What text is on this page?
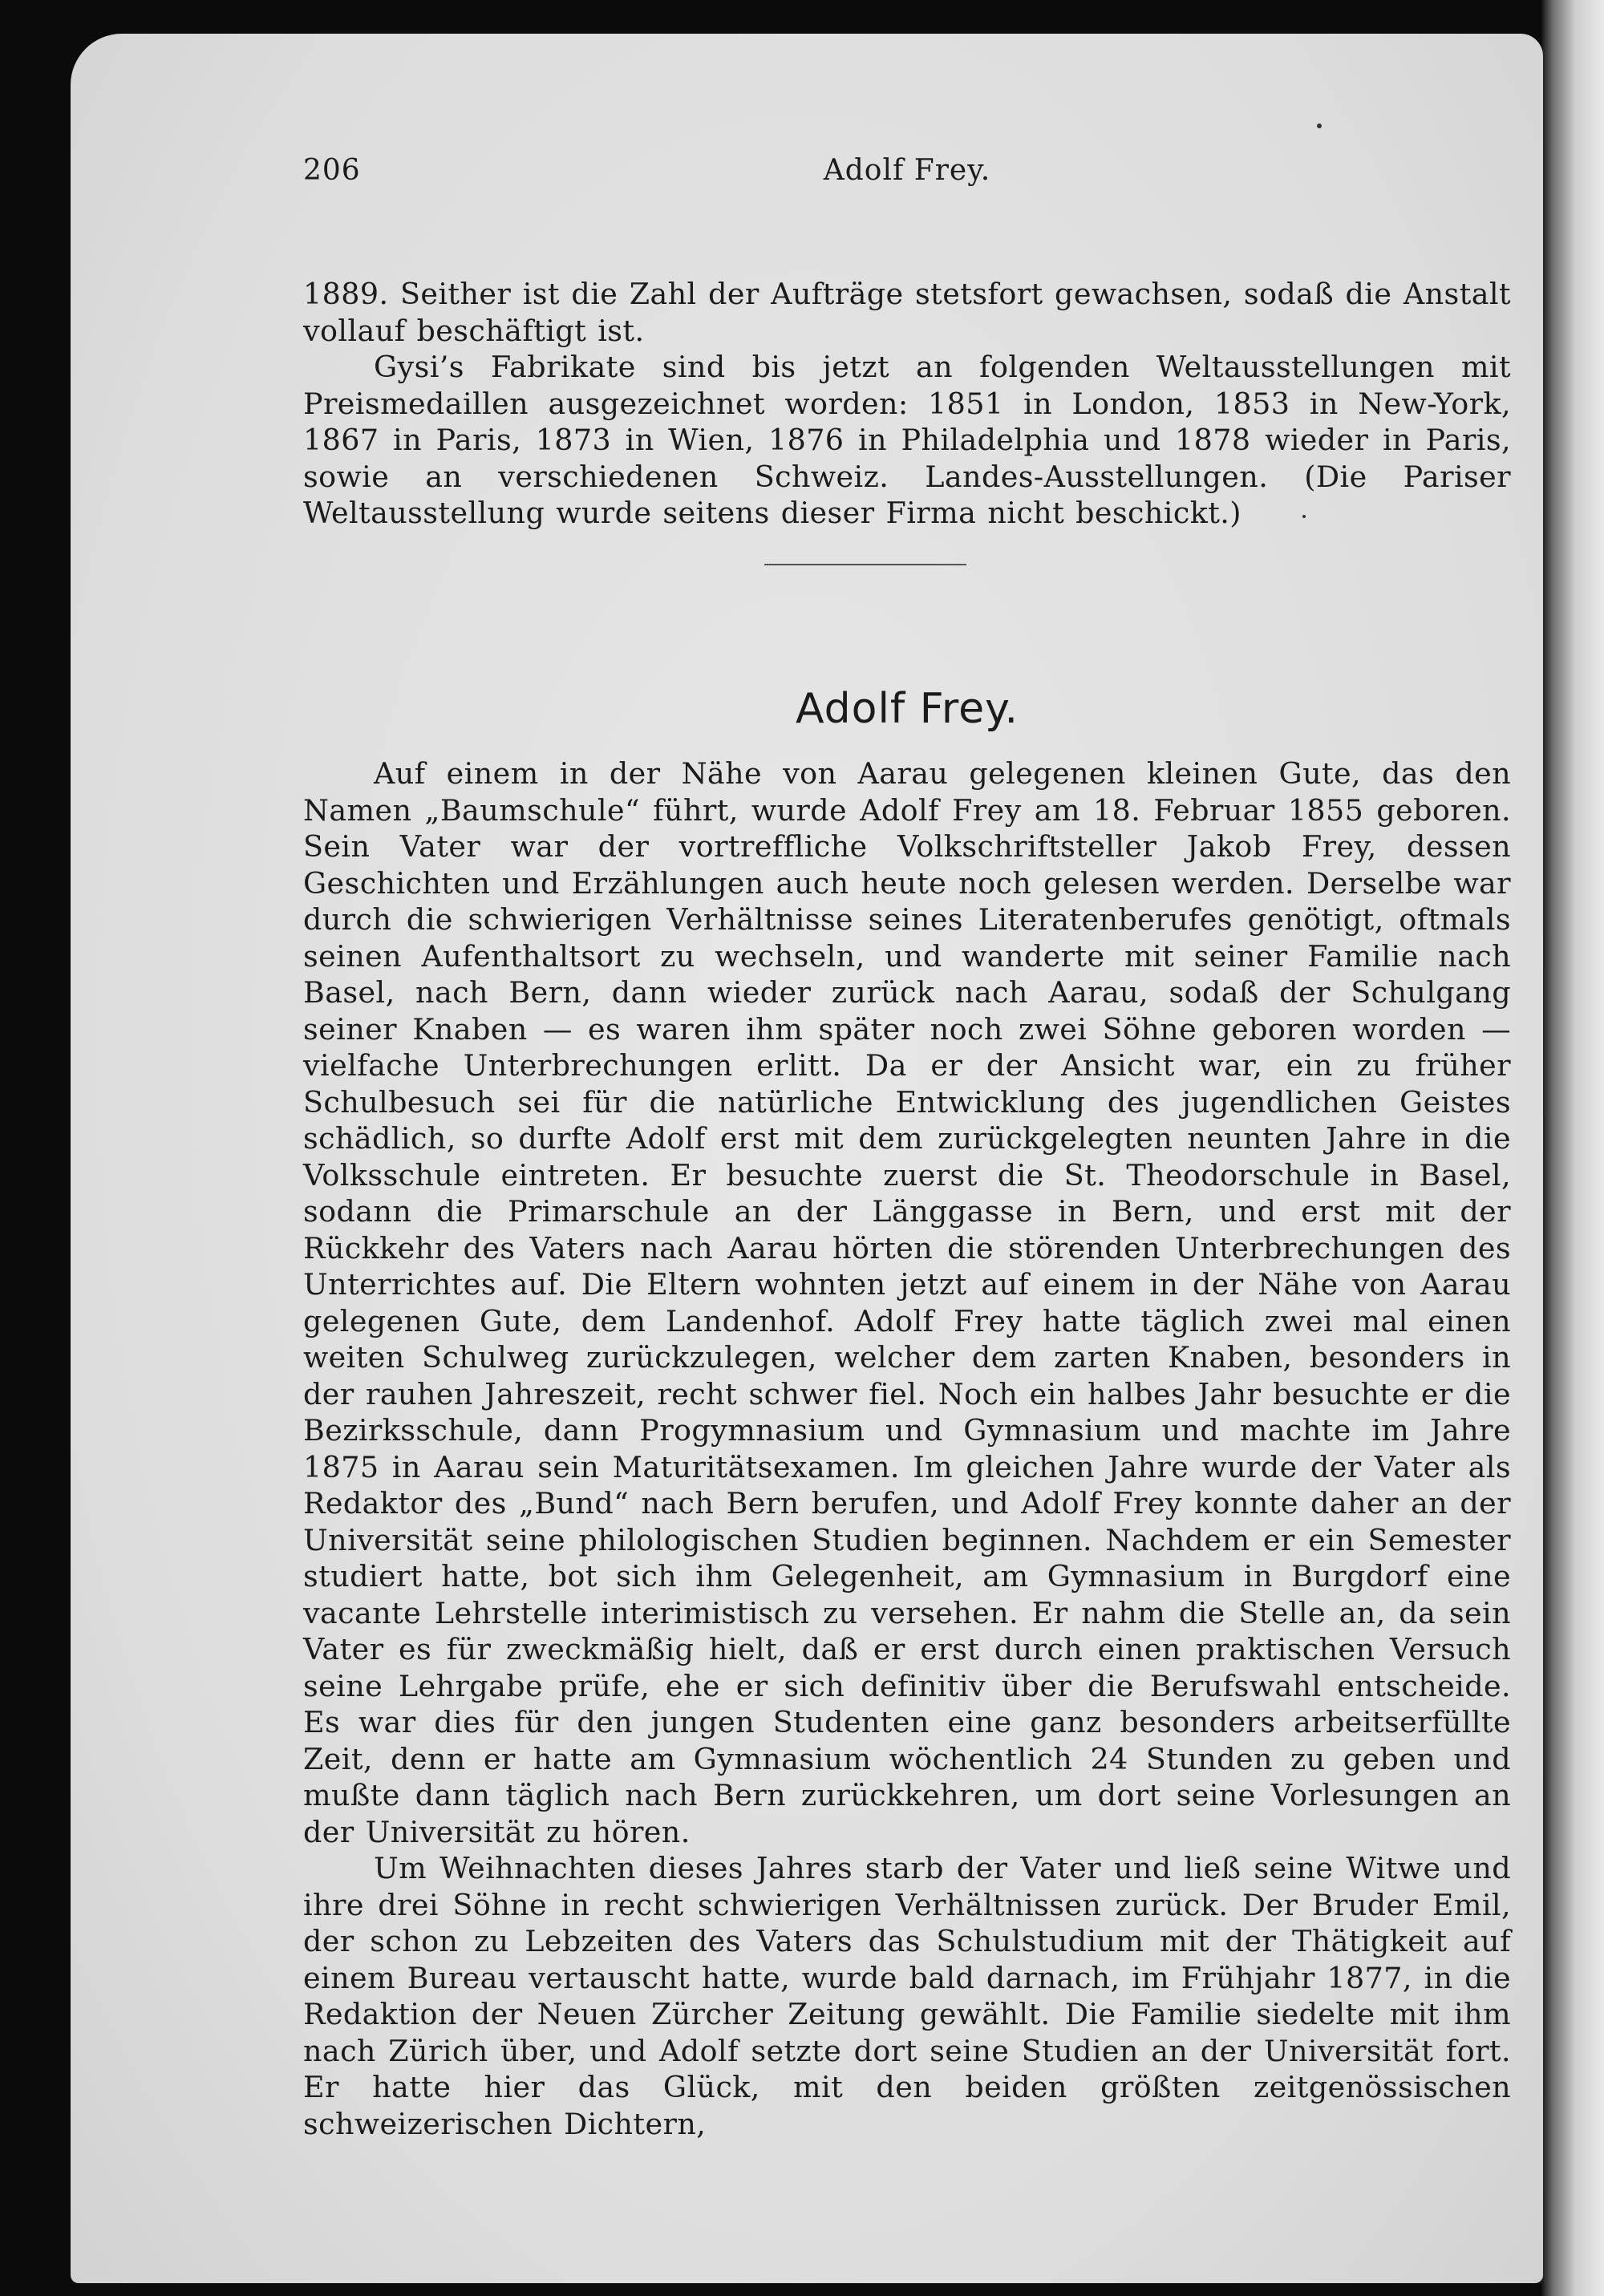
206	Adolf Frey.

1889. Seither ist die Zahl der Aufträge stetsfort gewachsen, sodaß die Anstalt vollauf beschäftigt ist.

Gysi’s Fabrikate sind bis jetzt an folgenden Weltausstellungen mit Preismedaillen ausgezeichnet worden: 1851 in London, 1853 in New-York, 1867 in Paris, 1873 in Wien, 1876 in Philadelphia und 1878 wieder in Paris, sowie an verschiedenen Schweiz. Landes-Ausstellungen. (Die Pariser Weltausstellung wurde seitens dieser Firma nicht beschickt.)

Adolf Frey.

Auf einem in der Nähe von Aarau gelegenen kleinen Gute, das den Namen „Baumschule“ führt, wurde Adolf Frey am 18. Februar 1855 geboren. Sein Vater war der vortreffliche Volkschriftsteller Jakob Frey, dessen Geschichten und Erzählungen auch heute noch gelesen werden. Derselbe war durch die schwierigen Verhältnisse seines Literatenberufes genötigt, oftmals seinen Aufenthaltsort zu wechseln, und wanderte mit seiner Familie nach Basel, nach Bern, dann wieder zurück nach Aarau, sodaß der Schulgang seiner Knaben — es waren ihm später noch zwei Söhne geboren worden — vielfache Unterbrechungen erlitt. Da er der Ansicht war, ein zu früher Schulbesuch sei für die natürliche Entwicklung des jugendlichen Geistes schädlich, so durfte Adolf erst mit dem zurückgelegten neunten Jahre in die Volksschule eintreten. Er besuchte zuerst die St. Theodorschule in Basel, sodann die Primarschule an der Länggasse in Bern, und erst mit der Rückkehr des Vaters nach Aarau hörten die störenden Unterbrechungen des Unterrichtes auf. Die Eltern wohnten jetzt auf einem in der Nähe von Aarau gelegenen Gute, dem Landenhof. Adolf Frey hatte täglich zwei mal einen weiten Schulweg zurückzulegen, welcher dem zarten Knaben, besonders in der rauhen Jahreszeit, recht schwer fiel. Noch ein halbes Jahr besuchte er die Bezirksschule, dann Progymnasium und Gymnasium und machte im Jahre 1875 in Aarau sein Maturitätsexamen. Im gleichen Jahre wurde der Vater als Redaktor des „Bund“ nach Bern berufen, und Adolf Frey konnte daher an der Universität seine philologischen Studien beginnen. Nachdem er ein Semester studiert hatte, bot sich ihm Gelegenheit, am Gymnasium in Burgdorf eine vacante Lehrstelle interimistisch zu versehen. Er nahm die Stelle an, da sein Vater es für zweckmäßig hielt, daß er erst durch einen praktischen Versuch seine Lehrgabe prüfe, ehe er sich definitiv über die Berufswahl entscheide. Es war dies für den jungen Studenten eine ganz besonders arbeitserfüllte Zeit, denn er hatte am Gymnasium wöchentlich 24 Stunden zu geben und mußte dann täglich nach Bern zurückkehren, um dort seine Vorlesungen an der Universität zu hören.

Um Weihnachten dieses Jahres starb der Vater und ließ seine Witwe und ihre drei Söhne in recht schwierigen Verhältnissen zurück. Der Bruder Emil, der schon zu Lebzeiten des Vaters das Schulstudium mit der Thätigkeit auf einem Bureau vertauscht hatte, wurde bald darnach, im Frühjahr 1877, in die Redaktion der Neuen Zürcher Zeitung gewählt. Die Familie siedelte mit ihm nach Zürich über, und Adolf setzte dort seine Studien an der Universität fort. Er hatte hier das Glück, mit den beiden größten zeitgenössischen schweizerischen Dichtern,
